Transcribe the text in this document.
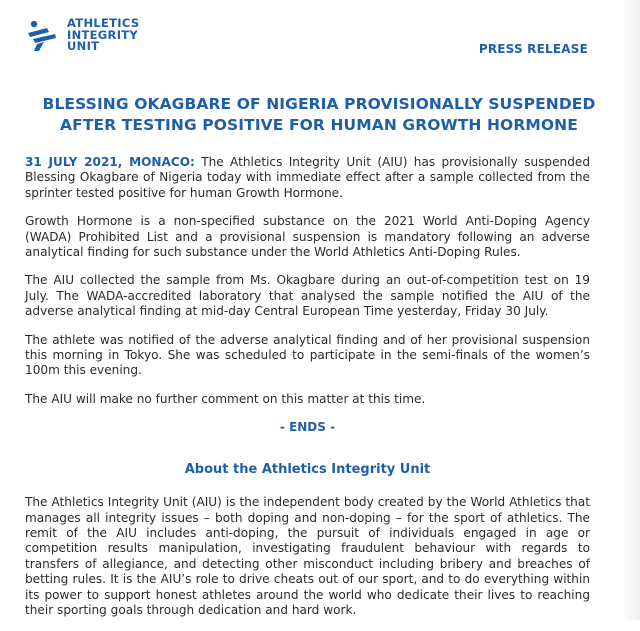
ATHLETICS
INTEGRITY
UNIT	PRESS RELEASE
BLESSING OKAGBARE OF NIGERIA PROVISIONALLY SUSPENDED
AFTER TESTING POSITIVE FOR HUMAN GROWTH HORMONE

31 JULY 2021, MONACO: The Athletics Integrity Unit (AIU) has provisionally suspended Blessing Okagbare of Nigeria today with immediate effect after a sample collected from the sprinter tested positive for human Growth Hormone.

Growth Hormone is a non-specified substance on the 2021 World Anti-Doping Agency (WADA) Prohibited List and a provisional suspension is mandatory following an adverse analytical finding for such substance under the World Athletics Anti-Doping Rules.

The AIU collected the sample from Ms. Okagbare during an out-of-competition test on 19 July. The WADA-accredited laboratory that analysed the sample notified the AIU of the adverse analytical finding at mid-day Central European Time yesterday, Friday 30 July.

The athlete was notified of the adverse analytical finding and of her provisional suspension this morning in Tokyo. She was scheduled to participate in the semi-finals of the women’s 100m this evening.

The AIU will make no further comment on this matter at this time.

- ENDS -
About the Athletics Integrity Unit

The Athletics Integrity Unit (AIU) is the independent body created by the World Athletics that manages all integrity issues – both doping and non-doping – for the sport of athletics. The remit of the AIU includes anti-doping, the pursuit of individuals engaged in age or competition results manipulation, investigating fraudulent behaviour with regards to transfers of allegiance, and detecting other misconduct including bribery and breaches of betting rules. It is the AIU’s role to drive cheats out of our sport, and to do everything within its power to support honest athletes around the world who dedicate their lives to reaching their sporting goals through dedication and hard work.
